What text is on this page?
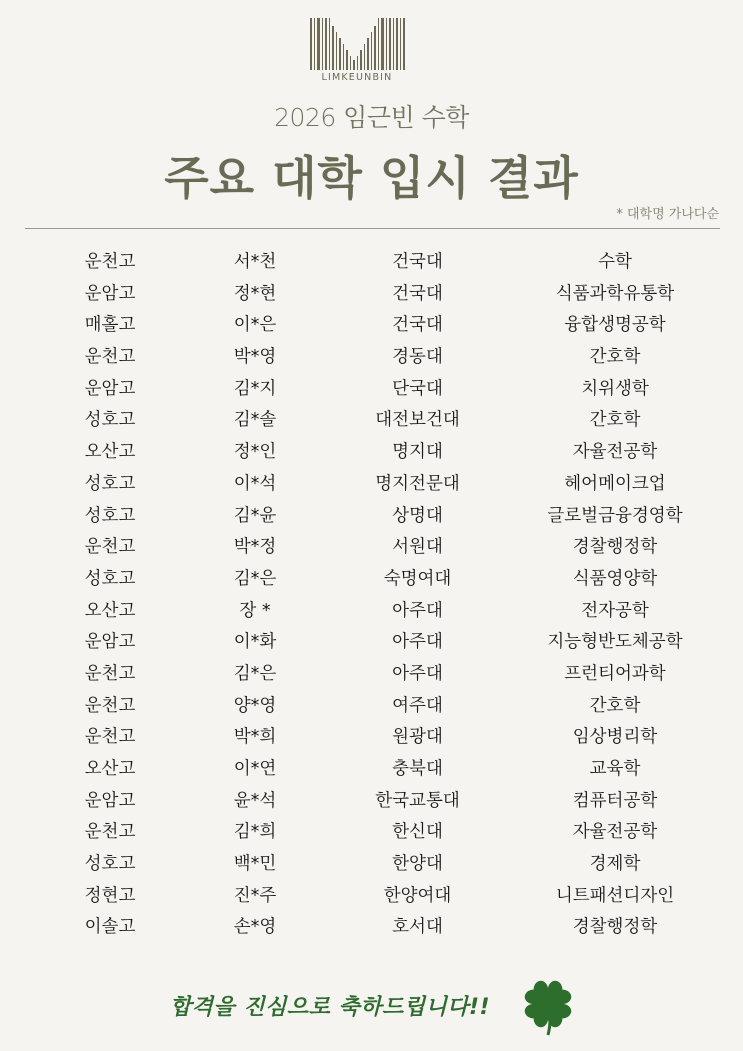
LIMKEUNBIN
2026 임근빈 수학
주요 대학 입시 결과
* 대학명 가나다순
운천고	서*천	건국대	수학
운암고	정*현	건국대	식품과학유통학
매홀고	이*은	건국대	융합생명공학
운천고	박*영	경동대	간호학
운암고	김*지	단국대	치위생학
성호고	김*솔	대전보건대	간호학
오산고	정*인	명지대	자율전공학
성호고	이*석	명지전문대	헤어메이크업
성호고	김*윤	상명대	글로벌금융경영학
운천고	박*정	서원대	경찰행정학
성호고	김*은	숙명여대	식품영양학
오산고	장 *	아주대	전자공학
운암고	이*화	아주대	지능형반도체공학
운천고	김*은	아주대	프런티어과학
운천고	양*영	여주대	간호학
운천고	박*희	원광대	임상병리학
오산고	이*연	충북대	교육학
운암고	윤*석	한국교통대	컴퓨터공학
운천고	김*희	한신대	자율전공학
성호고	백*민	한양대	경제학
정현고	진*주	한양여대	니트패션디자인
이솔고	손*영	호서대	경찰행정학
합격을 진심으로 축하드립니다!!
